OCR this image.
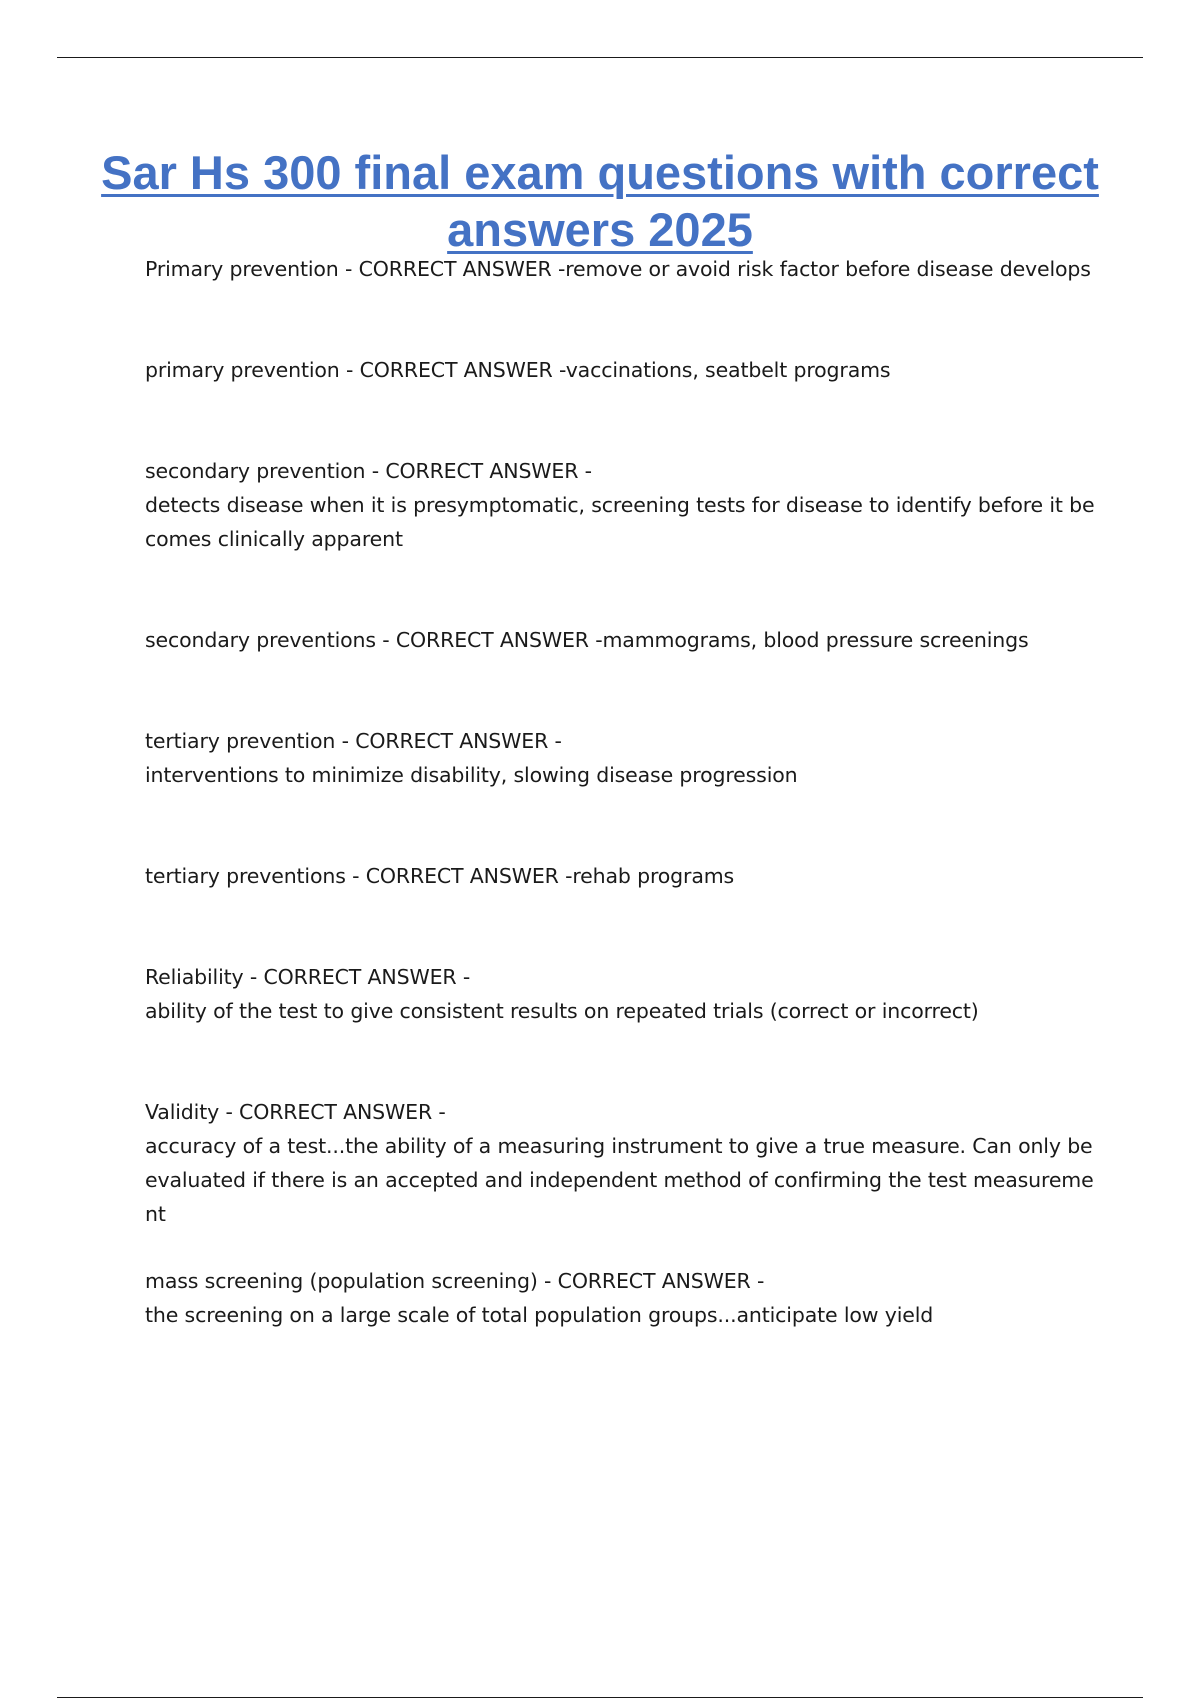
Sar Hs 300 final exam questions with correct answers 2025
Primary prevention - CORRECT ANSWER -remove or avoid risk factor before disease develops
primary prevention - CORRECT ANSWER -vaccinations, seatbelt programs
secondary prevention - CORRECT ANSWER -
detects disease when it is presymptomatic, screening tests for disease to identify before it becomes clinically apparent
secondary preventions - CORRECT ANSWER -mammograms, blood pressure screenings
tertiary prevention - CORRECT ANSWER -
interventions to minimize disability, slowing disease progression
tertiary preventions - CORRECT ANSWER -rehab programs
Reliability - CORRECT ANSWER -
ability of the test to give consistent results on repeated trials (correct or incorrect)
Validity - CORRECT ANSWER -
accuracy of a test...the ability of a measuring instrument to give a true measure. Can only be evaluated if there is an accepted and independent method of confirming the test measurement
mass screening (population screening) - CORRECT ANSWER -
the screening on a large scale of total population groups...anticipate low yield
